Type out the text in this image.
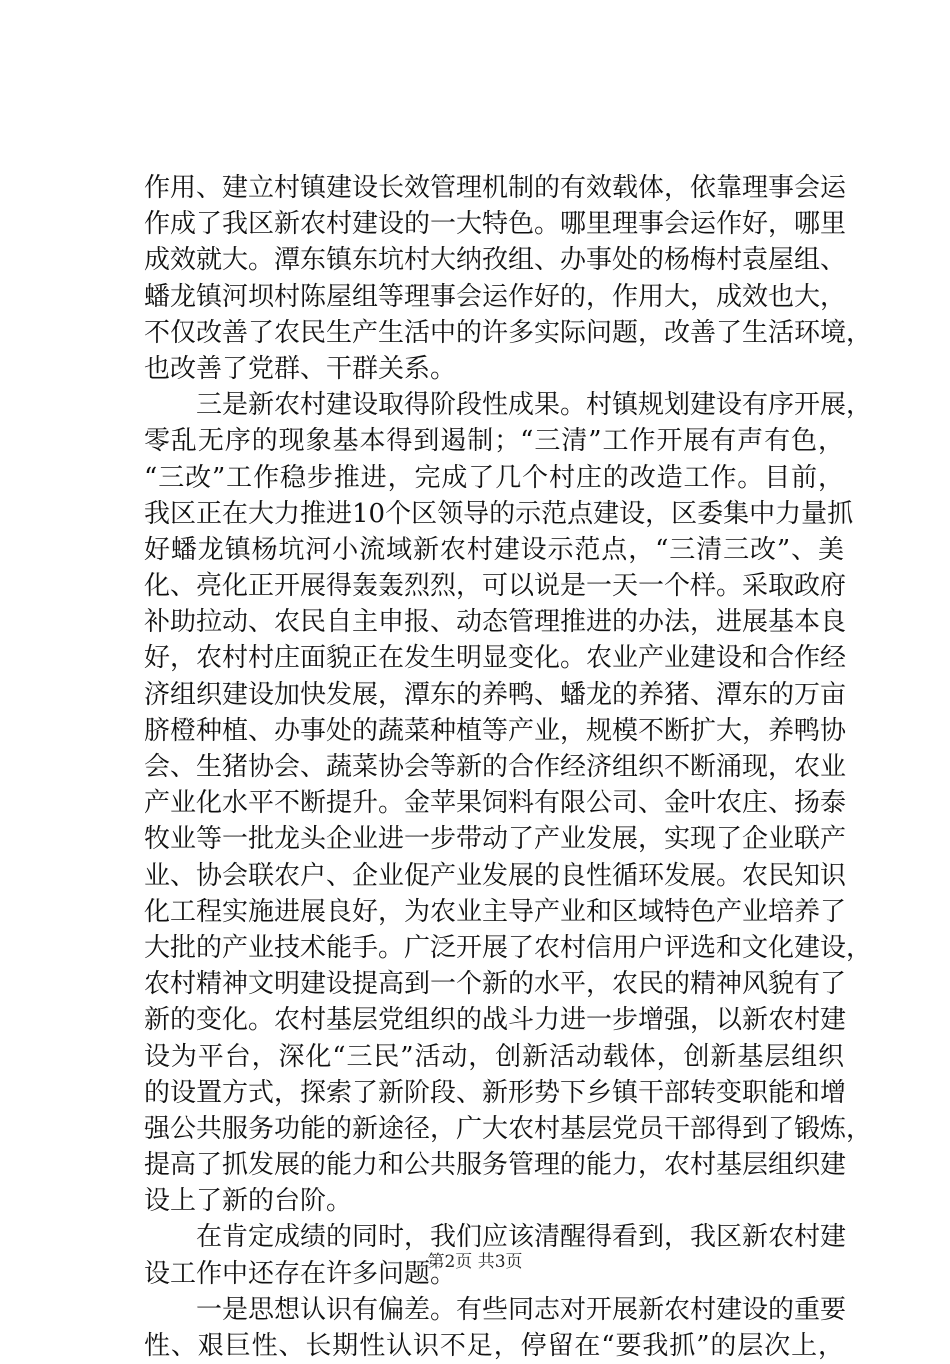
作用、建立村镇建设长效管理机制的有效载体，依靠理事会运
作成了我区新农村建设的一大特色。哪里理事会运作好，哪里
成效就大。潭东镇东坑村大纳孜组、办事处的杨梅村袁屋组、
蟠龙镇河坝村陈屋组等理事会运作好的，作用大，成效也大，
不仅改善了农民生产生活中的许多实际问题，改善了生活环境，
也改善了党群、干群关系。
　　三是新农村建设取得阶段性成果。村镇规划建设有序开展，
零乱无序的现象基本得到遏制；“三清”工作开展有声有色，
“三改”工作稳步推进，完成了几个村庄的改造工作。目前，
我区正在大力推进10个区领导的示范点建设，区委集中力量抓
好蟠龙镇杨坑河小流域新农村建设示范点，“三清三改”、美
化、亮化正开展得轰轰烈烈，可以说是一天一个样。采取政府
补助拉动、农民自主申报、动态管理推进的办法，进展基本良
好，农村村庄面貌正在发生明显变化。农业产业建设和合作经
济组织建设加快发展，潭东的养鸭、蟠龙的养猪、潭东的万亩
脐橙种植、办事处的蔬菜种植等产业，规模不断扩大，养鸭协
会、生猪协会、蔬菜协会等新的合作经济组织不断涌现，农业
产业化水平不断提升。金苹果饲料有限公司、金叶农庄、扬泰
牧业等一批龙头企业进一步带动了产业发展，实现了企业联产
业、协会联农户、企业促产业发展的良性循环发展。农民知识
化工程实施进展良好，为农业主导产业和区域特色产业培养了
大批的产业技术能手。广泛开展了农村信用户评选和文化建设，
农村精神文明建设提高到一个新的水平，农民的精神风貌有了
新的变化。农村基层党组织的战斗力进一步增强，以新农村建
设为平台，深化“三民”活动，创新活动载体，创新基层组织
的设置方式，探索了新阶段、新形势下乡镇干部转变职能和增
强公共服务功能的新途径，广大农村基层党员干部得到了锻炼，
提高了抓发展的能力和公共服务管理的能力，农村基层组织建
设上了新的台阶。
　　在肯定成绩的同时，我们应该清醒得看到，我区新农村建
设工作中还存在许多问题。
　　一是思想认识有偏差。有些同志对开展新农村建设的重要
性、艰巨性、长期性认识不足，停留在“要我抓”的层次上，
第2页 共3页
